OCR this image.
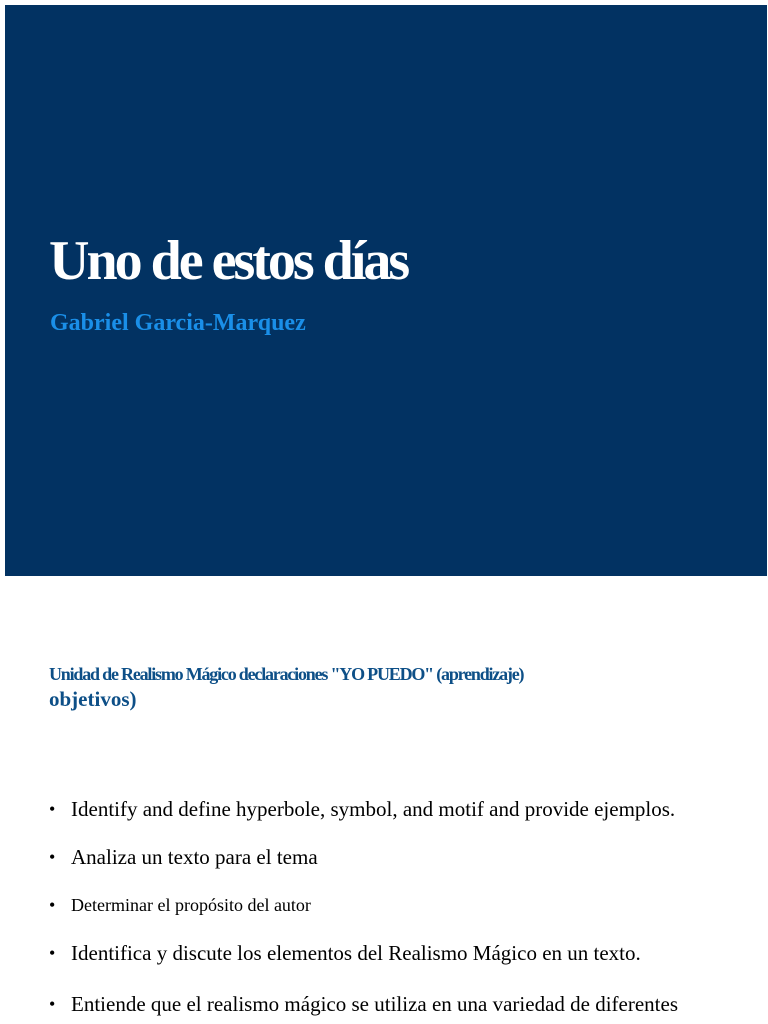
Uno de estos días
Gabriel Garcia-Marquez
Unidad de Realismo Mágico declaraciones "YO PUEDO" (aprendizaje)
objetivos)
• Identify and define hyperbole, symbol, and motif and provide ejemplos.
• Analiza un texto para el tema
• Determinar el propósito del autor
• Identifica y discute los elementos del Realismo Mágico en un texto.
• Entiende que el realismo mágico se utiliza en una variedad de diferentes
